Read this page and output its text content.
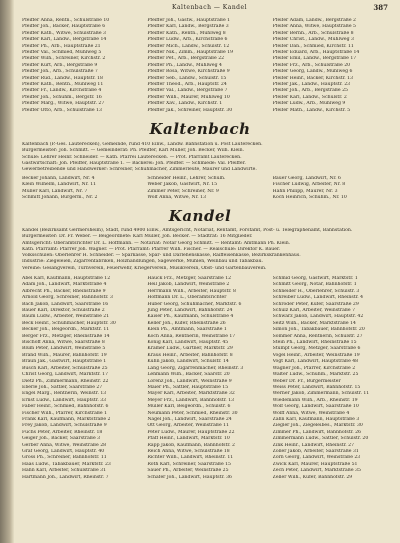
Kaltenbach — Kandel	387
Pfeiffer Anna, Rentn., Schulstraße 10
Pfeiffer Joh., Bäcker, Hauptstraße 6
Pfeiffer Kath., Witwe, Schulstraße 3
Pfeiffer Karl, Landw., Bergstraße 14
Pfeiffer Ph., Arb., Hauptstraße 21
Pfeiffer Val., Schmied, Mühlweg 5
Pfeiffer Wilh., Schreiner, Kirchstr. 2
Pfeiffer Kurt, Arb., Bergstraße 9
Pfeiffer Joh., Arb., Schulstraße 7
Pfeiffer Rud., Landw., Hauptstr. 18
Pfeiffer Kath., Rentn., Mühlweg 11
Pfeiffer Fr., Landw., Kirchstraße 4
Pfeiffer Joh., Schuhm., Bergstr. 16
Pfeiffer Marg., Witwe, Hauptstr. 27
Pfeiffer Otto, Arb., Schulstraße 13
Pfeiffer Joh., Gastw., Hauptstraße 1
Pfeiffer Karl, Landw., Bergstraße 3
Pfeiffer Kath., Rentn., Mühlweg 8
Pfeiffer Ludw., Arb., Kirchstraße 6
Pfeiffer Mich., Landw., Schulstr. 12
Pfeiffer Nik., Zimm., Hauptstraße 19
Pfeiffer Pet., Arb., Bergstraße 22
Pfeiffer Ph., Landw., Mühlweg 4
Pfeiffer Rosa, Witwe, Kirchstraße 9
Pfeiffer Seb., Landw., Schulstr. 15
Pfeiffer Theod., Arb., Hauptstr. 24
Pfeiffer Val., Landw., Bergstraße 7
Pfeiffer Wilh., Maurer, Mühlweg 10
Pfeiffer Xav., Landw., Kirchstr. 1
Pfeiffer Jak., Schreiner, Hauptstr. 30
Pfeifer Adam, Landw., Bergstraße 2
Pfeifer Anna, Witwe, Hauptstraße 5
Pfeifer Bernh., Arb., Schulstraße 8
Pfeifer Christ., Landw., Mühlweg 3
Pfeifer Dan., Schmied, Kirchstr. 11
Pfeifer Eduard, Arb., Hauptstraße 14
Pfeifer Emil, Landw., Bergstraße 17
Pfeifer Frz., Arb., Schulstraße 20
Pfeifer Georg, Landw., Mühlweg 6
Pfeifer Heinr., Bäcker, Kirchstr. 13
Pfeifer Jak., Landw., Hauptstr. 23
Pfeifer Joh., Arb., Bergstraße 25
Pfeifer Karl, Landw., Schulstr. 2
Pfeifer Ludw., Arb., Mühlweg 9
Pfeifer Math., Landw., Kirchstr. 5
Kaltenbach
Kaltenbach (P.-Ges. Lauterecken), Gemeinde, rund 410 Einw., Landw. Bahnstation u. Post Lauterecken.
Bürgermeister: Joh. Schmitt. — Gemeinderat: Ph. Pfeiffer, Karl Müller, Joh. Becker, Wilh. Klein.
Schule: Lehrer Heinr. Schneider. — Kath. Pfarrei Lauterecken. — Prot. Pfarramt Lauterecken.
Gastwirtschaft: Joh. Pfeiffer, Hauptstraße 1. — Bäckerei: Joh. Pfeiffer. — Schmiede: Val. Pfeiffer.
Gewerbetreibende und Handwerker: Schreiner, Schuhmacher, Zimmerleute, Maurer und Landwirte.
Becker Johann, Landwirt, Nr. 4
Klein Wilhelm, Landwirt, Nr. 11
Müller Karl, Landwirt, Nr. 7
Schmitt Johann, Bürgerm., Nr. 2
Schneider Heinr., Lehrer, Schulh.
Weber Jakob, Gastwirt, Nr. 15
Zimmer Peter, Schreiner, Nr. 9
Wolf Anna, Witwe, Nr. 13
Bauer Georg, Landwirt, Nr. 6
Fischer Ludwig, Arbeiter, Nr. 8
Hahn Philipp, Maurer, Nr. 3
Koch Heinrich, Schuhm., Nr. 10
Kandel
Kandel (Bezirksamt Germersheim), Stadt, rund 4900 Einw., Amtsgericht, Notariat, Rentamt, Forstamt, Post- u. Telegraphenamt, Bahnstation.
Bürgermeister: Dr. Fr. Weber. — Beigeordnete: Karl Müller, Joh. Becker. — Stadtrat: 16 Mitglieder.
Amtsgericht: Oberamtsrichter Dr. L. Hoffmann. — Notariat: Notar Georg Schmitt. — Rentamt: Amtmann Ph. Klein.
Kath. Pfarramt: Pfarrer Joh. Wagner. — Prot. Pfarramt: Pfarrer Wilh. Fischer. — Realschule: Direktor K. Bauer.
Volksschulen: Oberlehrer H. Schneider. — Sparkasse, Spar- und Darlehenskasse, Raiffeisenkasse, Bezirkskrankenhaus.
Industrie: Ziegeleien, Zigarrenfabriken, Holzhandlungen, Sägewerke, Mühlen, Weinbau und Tabakbau.
Vereine: Gesangverein, Turnverein, Feuerwehr, Kriegerverein, Musikverein, Obst- und Gartenbauverein.
Abel Karl, Kaufmann, Hauptstraße 12
Adam Joh., Landwirt, Marktstraße 4
Albrecht Ph., Bäcker, Rheinstraße 9
Arnold Georg, Schreiner, Bahnhofstr. 3
Bach Jakob, Landwirt, Saarstraße 16
Bauer Karl, Direktor, Schulstraße 2
Baum Ludw., Arbeiter, Weinstraße 21
Beck Heinr., Schuhmacher, Hauptstr. 30
Becker Joh., Beigeordn., Marktstr. 11
Berger Frz., Metzger, Rheinstraße 14
Bischoff Anna, Witwe, Saarstraße 8
Blum Peter, Landwirt, Weinstraße 5
Brand Wilh., Maurer, Bahnhofstr. 19
Braun Jak., Gastwirt, Hauptstraße 1
Busch Karl, Arbeiter, Schulstraße 25
Christ Georg, Landwirt, Marktstr. 17
Dietz Ph., Zimmermann, Rheinstr. 22
Eberle Joh., Sattler, Saarstraße 27
Engel Marg., Rentnerin, Weinstr. 13
Ernst Ludw., Landwirt, Hauptstr. 33
Faber Heinr., Schmied, Bahnhofstr. 6
Fischer Wilh., Pfarrer, Kirchstraße 1
Frank Karl, Kaufmann, Marktstraße 2
Frey Jakob, Landwirt, Schulstraße 9
Fuchs Peter, Arbeiter, Rheinstr. 18
Geiger Joh., Bäcker, Saarstraße 3
Gerber Anna, Witwe, Weinstraße 28
Graf Georg, Landwirt, Hauptstr. 40
Gross Ph., Schreiner, Bahnhofstr. 11
Haas Ludw., Tabakbauer, Marktstr. 23
Hahn Karl, Arbeiter, Schulstraße 31
Hartmann Joh., Landwirt, Rheinstr. 7
Hauck Frz., Metzger, Saarstraße 12
Heil Jakob, Landwirt, Weinstraße 2
Herrmann Wilh., Arbeiter, Hauptstr. 8
Hoffmann Dr. L., Oberamtsrichter
Huber Georg, Schuhmacher, Marktstr. 6
Jung Peter, Landwirt, Bahnhofstr. 24
Kaiser Ph., Kaufmann, Schulstraße 4
Keller Joh., Küfer, Rheinstraße 26
Klein Ph., Amtmann, Saarstraße 1
Koch Anna, Rentnerin, Weinstraße 17
König Karl, Landwirt, Hauptstr. 45
Krämer Ludw., Gärtner, Marktstr. 29
Kraus Heinr., Arbeiter, Bahnhofstr. 8
Kuhn Jakob, Landwirt, Schulstr. 14
Lang Georg, Zigarrenmacher, Rheinstr. 3
Lehmann Wilh., Bäcker, Saarstr. 20
Lorenz Joh., Landwirt, Weinstraße 9
Maier Ph., Sattler, Hauptstraße 15
Mayer Karl, Arbeiter, Marktstraße 32
Meyer Frz., Landwirt, Bahnhofstr. 13
Müller Karl, Beigeordn., Schulstr. 6
Neumann Peter, Schmied, Rheinstr. 30
Nagel Joh., Landwirt, Saarstraße 24
Ott Georg, Arbeiter, Weinstraße 11
Peter Ludw., Maurer, Hauptstraße 22
Pfaff Heinr., Landwirt, Marktstr. 10
Rapp Jakob, Kaufmann, Bahnhofstr. 2
Reich Anna, Witwe, Schulstraße 18
Richter Wilh., Landwirt, Rheinstr. 11
Roth Karl, Schreiner, Saarstraße 15
Sauer Ph., Arbeiter, Weinstraße 25
Schäfer Joh., Landwirt, Hauptstr. 36
Schmid Georg, Gastwirt, Marktstr. 1
Schmitt Georg, Notar, Bahnhofstr. 1
Schneider H., Oberlehrer, Schulstr. 3
Schreiber Ludw., Landwirt, Rheinstr. 4
Schröder Peter, Küfer, Saarstraße 29
Schulz Karl, Arbeiter, Weinstraße 7
Schwarz Jakob, Landwirt, Hauptstr. 42
Seitz Wilh., Bäcker, Marktstraße 14
Simon Joh., Tabakbauer, Bahnhofstr. 20
Sommer Anna, Rentnerin, Schulstr. 27
Stein Ph., Landwirt, Rheinstraße 15
Stumpf Georg, Metzger, Saarstraße 6
Vogel Heinr., Arbeiter, Weinstraße 19
Vogt Karl, Landwirt, Hauptstraße 48
Wagner Joh., Pfarrer, Kirchstraße 2
Walter Ludw., Schuhm., Marktstr. 25
Weber Dr. Fr., Bürgermeister
Weiss Peter, Landwirt, Bahnhofstr. 15
Werner Jakob, Zimmermann, Schulstr. 11
Wiedemann Wilh., Arb., Rheinstr. 19
Wolf Georg, Landwirt, Saarstraße 10
Wolff Anna, Witwe, Weinstraße 4
Zahn Karl, Kaufmann, Hauptstraße 3
Ziegler Joh., Ziegeleibes., Marktstr. 30
Zimmer Ph., Landwirt, Bahnhofstr. 26
Zimmermann Ludw., Sattler, Schulstr. 20
Zink Heinr., Landwirt, Rheinstr. 27
Zöller Jakob, Arbeiter, Saarstraße 31
Zorn Georg, Landwirt, Weinstraße 23
Zwick Karl, Maurer, Hauptstraße 51
Zech Peter, Landwirt, Marktstraße 35
Zeller Wilh., Küfer, Bahnhofstr. 29
